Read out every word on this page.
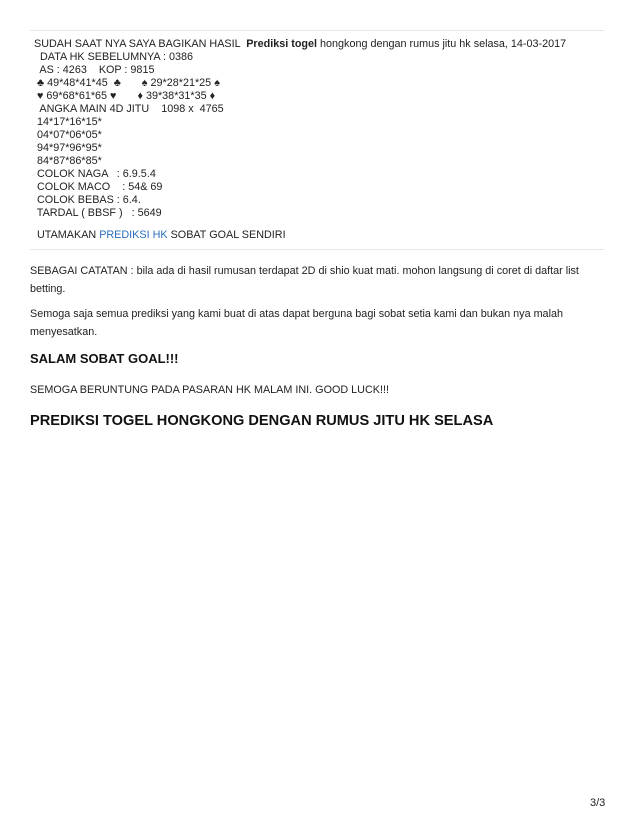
SUDAH SAAT NYA SAYA BAGIKAN HASIL  Prediksi togel hongkong dengan rumus jitu hk selasa, 14-03-2017
DATA HK SEBELUMNYA : 0386
AS : 4263    KOP : 9815
♣ 49*48*41*45  ♣       ♠ 29*28*21*25 ♠
♥ 69*68*61*65 ♥       ♦ 39*38*31*35 ♦
ANGKA MAIN 4D JITU    1098 x  4765
14*17*16*15*
04*07*06*05*
94*97*96*95*
84*87*86*85*
COLOK NAGA   : 6.9.5.4
COLOK MACO    : 54& 69
COLOK BEBAS : 6.4.
TARDAL ( BBSF )   : 5649
UTAMAKAN PREDIKSI HK SOBAT GOAL SENDIRI
SEBAGAI CATATAN : bila ada di hasil rumusan terdapat 2D di shio kuat mati. mohon langsung di coret di daftar list betting.
Semoga saja semua prediksi yang kami buat di atas dapat berguna bagi sobat setia kami dan bukan nya malah menyesatkan.
SALAM SOBAT GOAL!!!
SEMOGA BERUNTUNG PADA PASARAN HK MALAM INI. GOOD LUCK!!!
PREDIKSI TOGEL HONGKONG DENGAN RUMUS JITU HK SELASA
3/3
